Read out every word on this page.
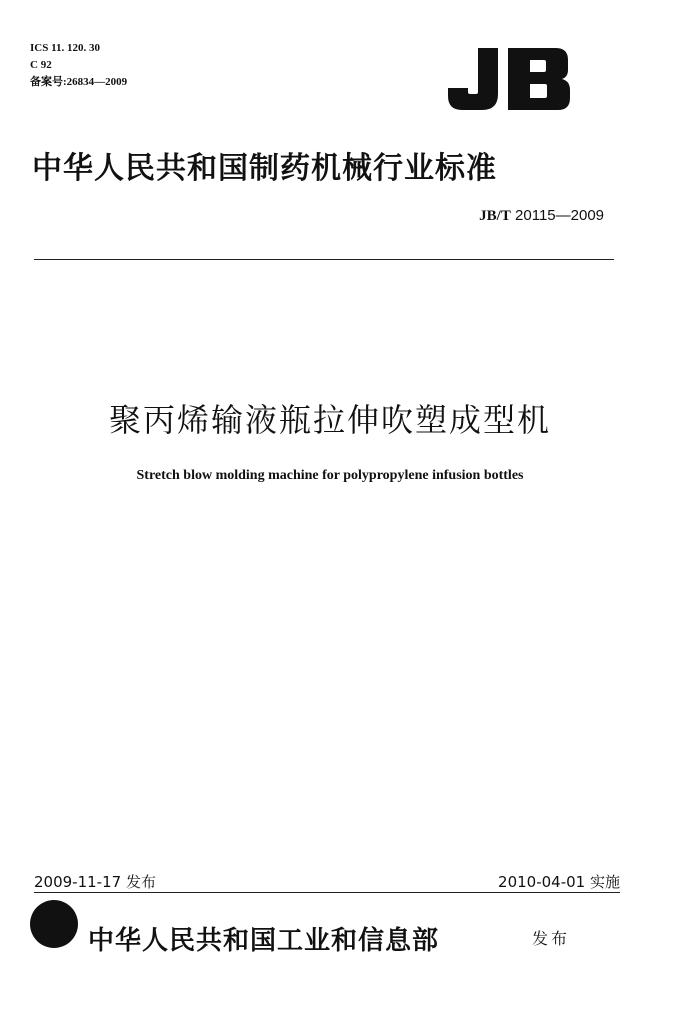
ICS 11. 120. 30
C 92
备案号:26834—2009
中华人民共和国制药机械行业标准
JB/T 20115—2009
聚丙烯输液瓶拉伸吹塑成型机
Stretch blow molding machine for polypropylene infusion bottles
2009-11-17 发布	2010-04-01 实施
中华人民共和国工业和信息部	发布
